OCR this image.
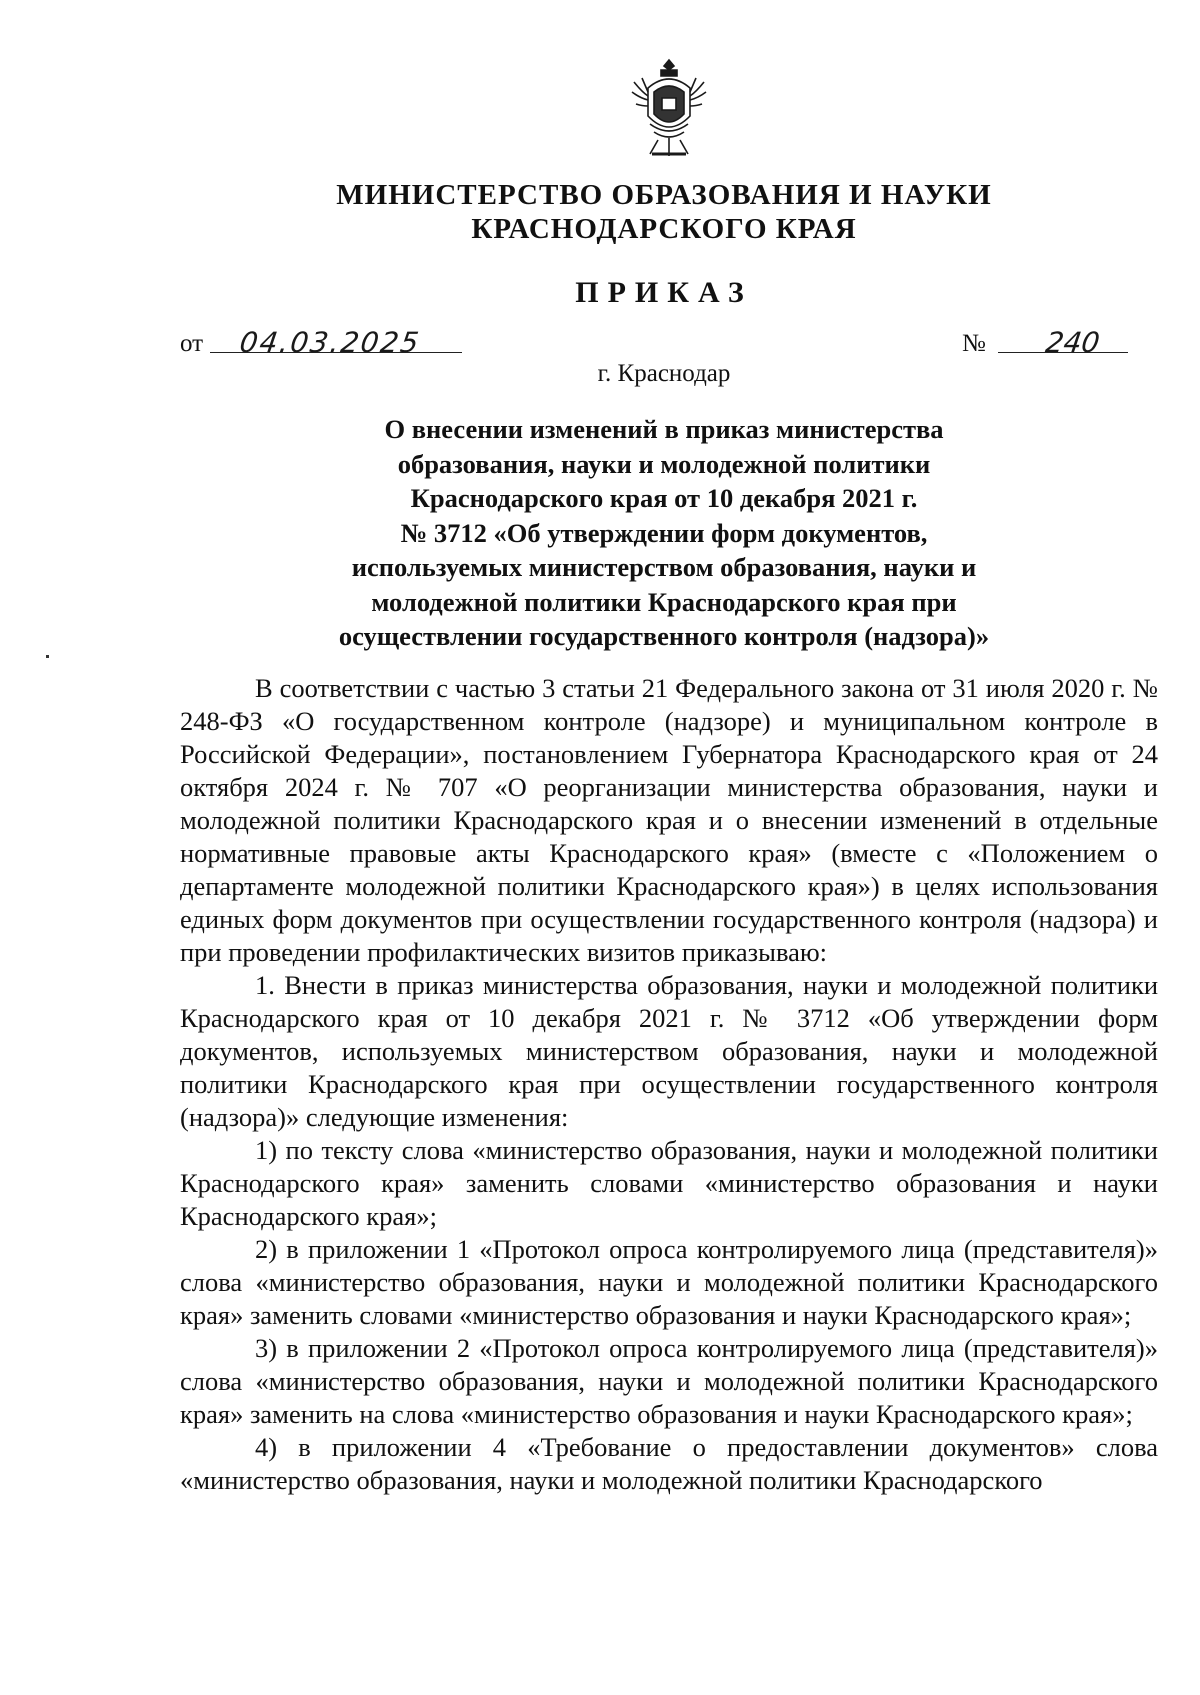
МИНИСТЕРСТВО ОБРАЗОВАНИЯ И НАУКИ
КРАСНОДАРСКОГО КРАЯ
ПРИКАЗ
от 04.03.2025	№ 240
г. Краснодар
О внесении изменений в приказ министерства
образования, науки и молодежной политики
Краснодарского края от 10 декабря 2021 г.
№ 3712 «Об утверждении форм документов,
используемых министерством образования, науки и
молодежной политики Краснодарского края при
осуществлении государственного контроля (надзора)»

В соответствии с частью 3 статьи 21 Федерального закона от 31 июля 2020 г. № 248-ФЗ «О государственном контроле (надзоре) и муниципальном контроле в Российской Федерации», постановлением Губернатора Краснодарского края от 24 октября 2024 г. № 707 «О реорганизации министерства образования, науки и молодежной политики Краснодарского края и о внесении изменений в отдельные нормативные правовые акты Краснодарского края» (вместе с «Положением о департаменте молодежной политики Краснодарского края») в целях использования единых форм документов при осуществлении государственного контроля (надзора) и при проведении профилактических визитов приказываю:

1. Внести в приказ министерства образования, науки и молодежной политики Краснодарского края от 10 декабря 2021 г. № 3712 «Об утверждении форм документов, используемых министерством образования, науки и молодежной политики Краснодарского края при осуществлении государственного контроля (надзора)» следующие изменения:

1) по тексту слова «министерство образования, науки и молодежной политики Краснодарского края» заменить словами «министерство образования и науки Краснодарского края»;

2) в приложении 1 «Протокол опроса контролируемого лица (представителя)» слова «министерство образования, науки и молодежной политики Краснодарского края» заменить словами «министерство образования и науки Краснодарского края»;

3) в приложении 2 «Протокол опроса контролируемого лица (представителя)» слова «министерство образования, науки и молодежной политики Краснодарского края» заменить на слова «министерство образования и науки Краснодарского края»;

4) в приложении 4 «Требование о предоставлении документов» слова «министерство образования, науки и молодежной политики Краснодарского
